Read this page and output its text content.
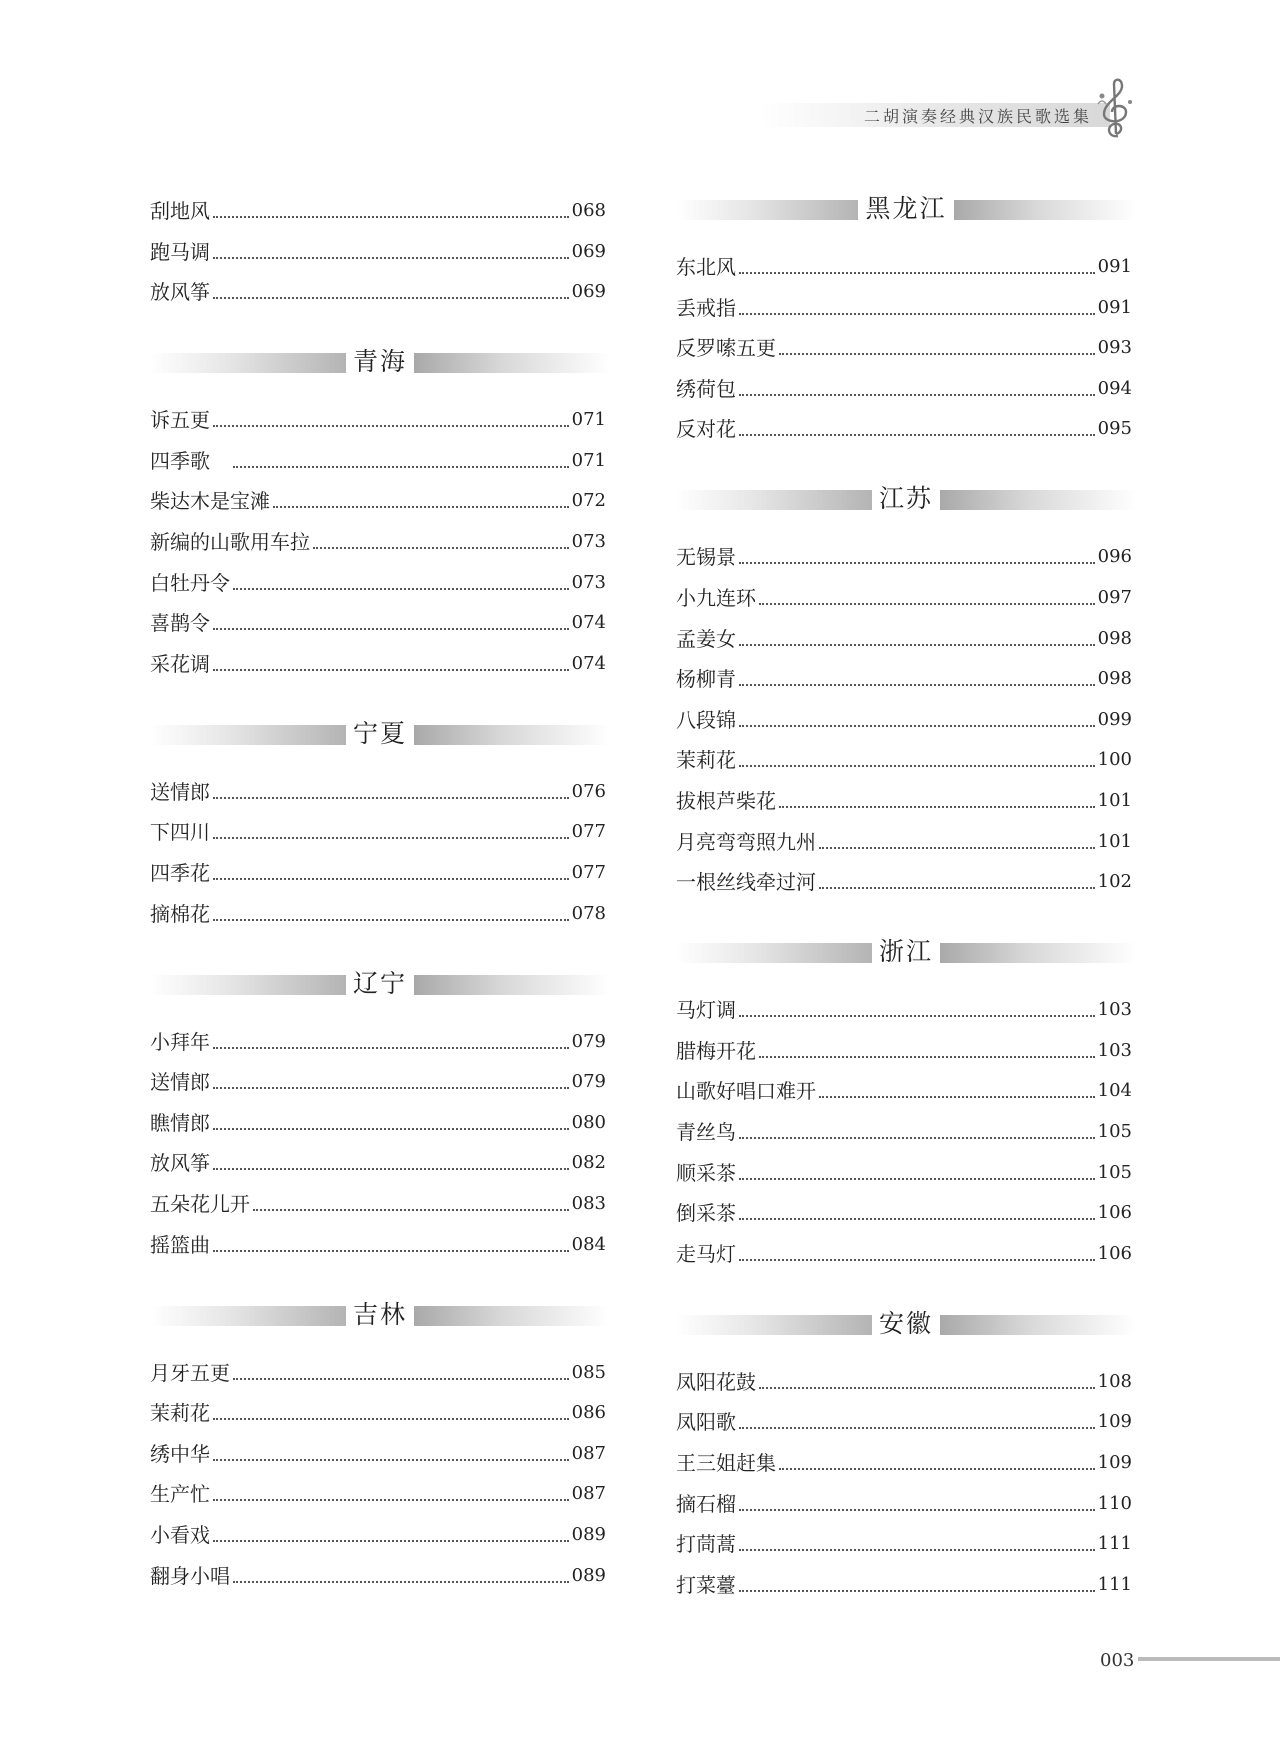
二胡演奏经典汉族民歌选集
刮地风	068
跑马调	069
放风筝	069
青海
诉五更	071
四季歌　	071
柴达木是宝滩	072
新编的山歌用车拉	073
白牡丹令	073
喜鹊令	074
采花调	074
宁夏
送情郎	076
下四川	077
四季花	077
摘棉花	078
辽宁
小拜年	079
送情郎	079
瞧情郎	080
放风筝	082
五朵花儿开	083
摇篮曲	084
吉林
月牙五更	085
茉莉花	086
绣中华	087
生产忙	087
小看戏	089
翻身小唱	089
黑龙江
东北风	091
丢戒指	091
反罗嗦五更	093
绣荷包	094
反对花	095
江苏
无锡景	096
小九连环	097
孟姜女	098
杨柳青	098
八段锦	099
茉莉花	100
拔根芦柴花	101
月亮弯弯照九州	101
一根丝线牵过河	102
浙江
马灯调	103
腊梅开花	103
山歌好唱口难开	104
青丝鸟	105
顺采茶	105
倒采茶	106
走马灯	106
安徽
凤阳花鼓	108
凤阳歌	109
王三姐赶集	109
摘石榴	110
打茼蒿	111
打菜薹	111
003
